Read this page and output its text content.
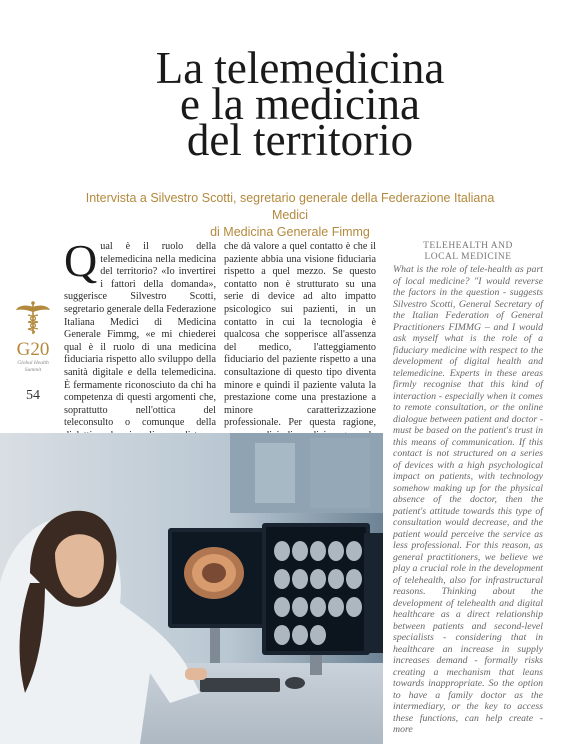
La telemedicina
e la medicina
del territorio
Intervista a Silvestro Scotti, segretario generale della Federazione Italiana Medici
di Medicina Generale Fimmg
G20
Global Health
Summit
54
Qual è il ruolo della telemedicina nella medicina del territorio? «Io invertirei i fattori della domanda», suggerisce Silvestro Scotti, segretario generale della Federazione Italiana Medici di Medicina Generale Fimmg, «e mi chiederei qual è il ruolo di una medicina fiduciaria rispetto allo sviluppo della sanità digitale e della telemedicina. È fermamente riconosciuto da chi ha competenza di questi argomenti che, soprattutto nell'ottica del teleconsulto o comunque della
che dà valore a quel contatto è che il paziente abbia una visione fiduciaria rispetto a quel mezzo. Se questo contatto non è strutturato su una serie di device ad alto impatto psicologico sui pazienti, in un contatto in cui la tecnologia è qualcosa che sopperisce all'assenza del medico, l'atteggiamento fiduciario del paziente rispetto a una consultazione di questo tipo diventa minore e quindi il paziente valuta la prestazione come una prestazione a minore caratterizzazione professionale. Per questa ragione,
TELEHEALTH AND
LOCAL MEDICINE
What is the role of tele-health as part of local medicine? "I would reverse the factors in the question - suggests Silvestro Scotti, General Secretary of the Italian Federation of General Practitioners FIMMG – and I would ask myself what is the role of a fiduciary medicine with respect to the development of digital health and telemedicine. Experts in these areas firmly recognise that this kind of interaction - especially when it comes to remote consultation, or the online dialogue between patient and doctor - must be based on the patient's trust in this means of communication. If this contact is not structured on a series of devices with a high psychological impact on patients, with technology somehow making up for the physical absence of the doctor, then the patient's attitude towards this type of consultation would decrease, and the patient would perceive the service as less professional. For this reason, as general practitioners, we believe we play a crucial role in the development of telehealth, also for infrastructural reasons. Thinking about the development of telehealth and digital healthcare as a direct relationship between patients and second-level specialists - considering that in healthcare an increase in supply increases demand - formally risks creating a mechanism that leans towards inappropriate. So the option to have a family doctor as the intermediary, or the key to access these functions, can help create - more
